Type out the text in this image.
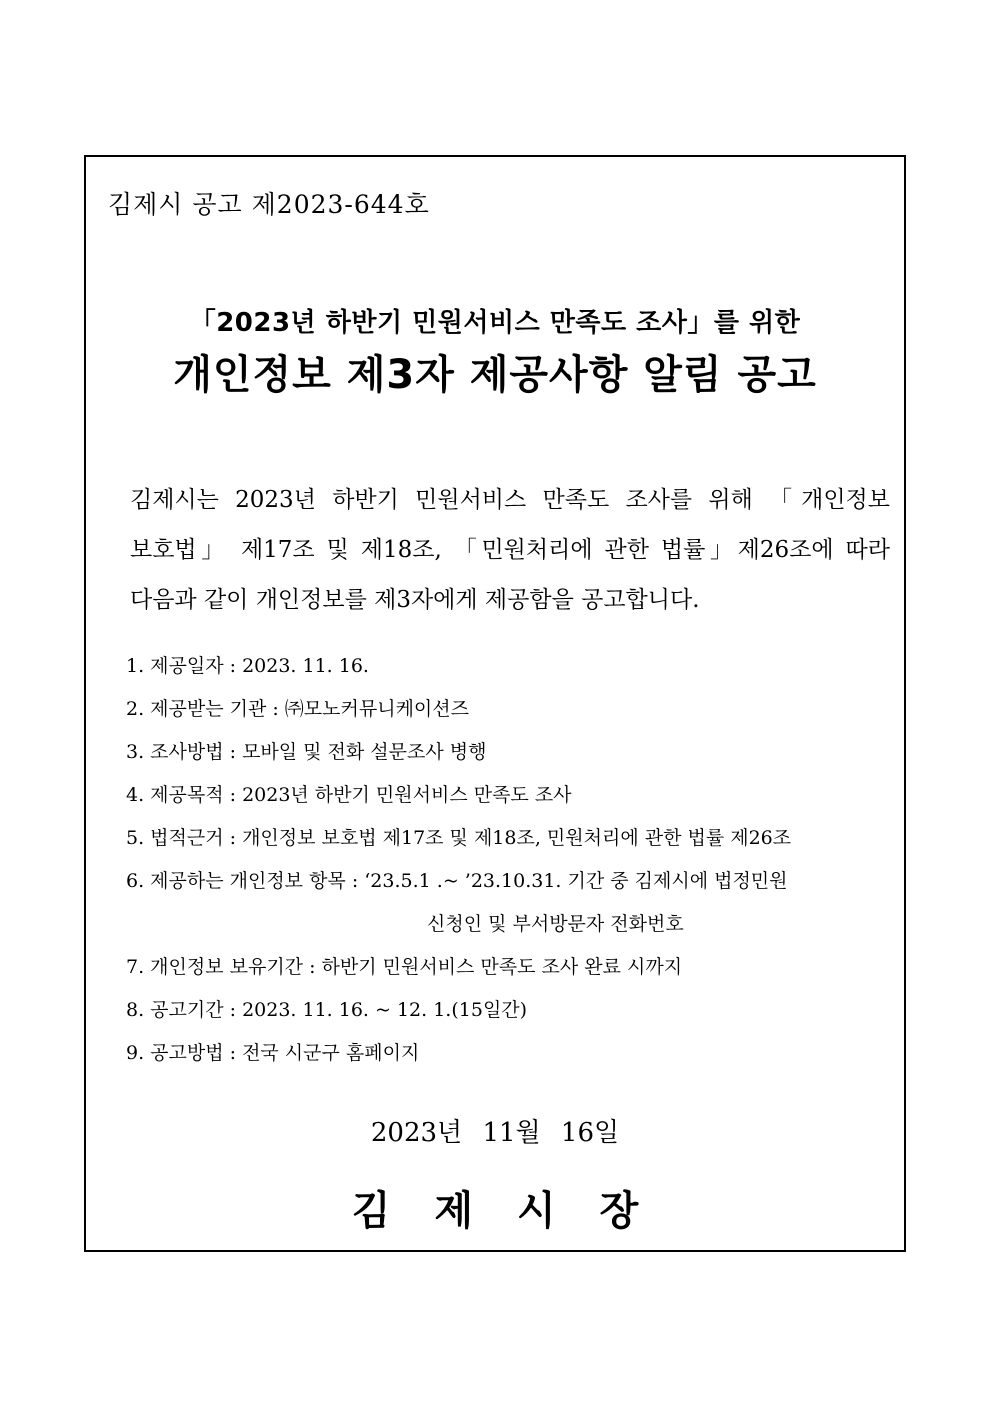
김제시 공고 제2023-644호
「2023년 하반기 민원서비스 만족도 조사」를 위한
개인정보 제3자 제공사항 알림 공고
김제시는 2023년 하반기 민원서비스 만족도 조사를 위해 「개인정보
보호법」 제17조 및 제18조, 「민원처리에 관한 법률」제26조에 따라
다음과 같이 개인정보를 제3자에게 제공함을 공고합니다.
1. 제공일자 : 2023. 11. 16.
2. 제공받는 기관 : ㈜모노커뮤니케이션즈
3. 조사방법 : 모바일 및 전화 설문조사 병행
4. 제공목적 : 2023년 하반기 민원서비스 만족도 조사
5. 법적근거 : 개인정보 보호법 제17조 및 제18조, 민원처리에 관한 법률 제26조
6. 제공하는 개인정보 항목 : ‘23.5.1 .~ ’23.10.31. 기간 중 김제시에 법정민원
신청인 및 부서방문자 전화번호
7. 개인정보 보유기간 : 하반기 민원서비스 만족도 조사 완료 시까지
8. 공고기간 : 2023. 11. 16. ~ 12. 1.(15일간)
9. 공고방법 : 전국 시군구 홈페이지
2023년 11월 16일
김제시장
